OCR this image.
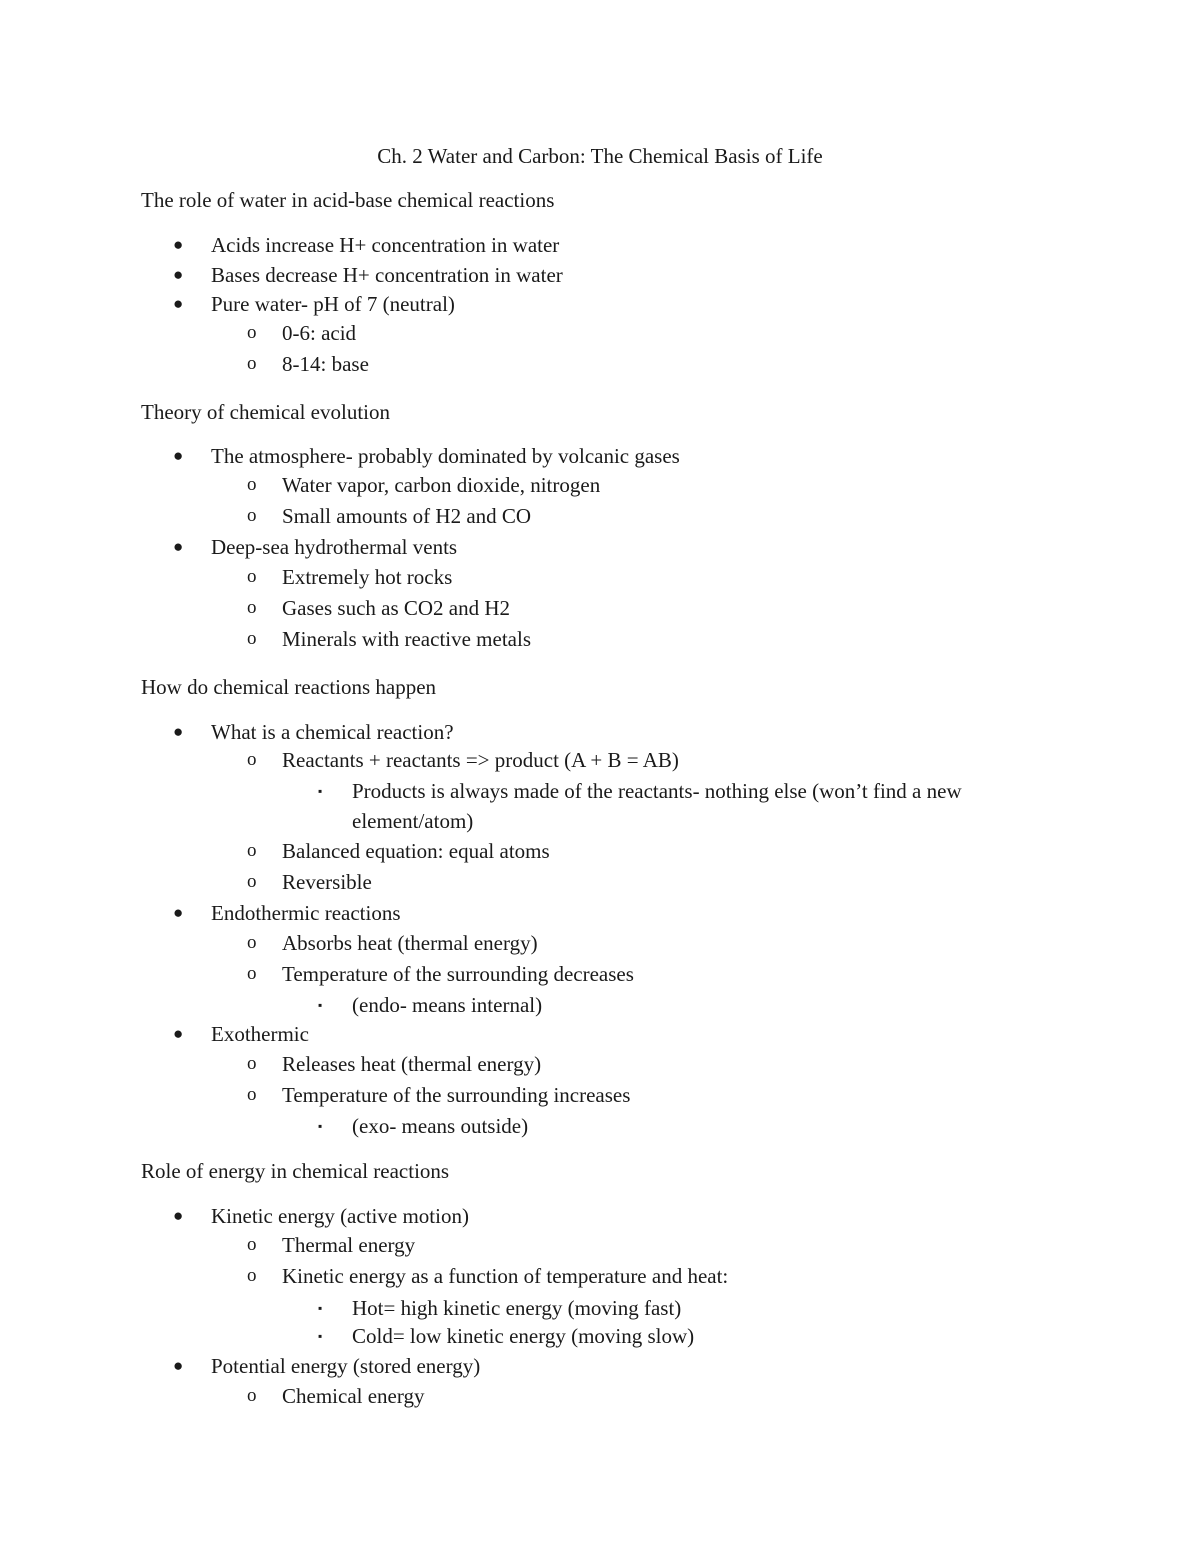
Ch. 2 Water and Carbon: The Chemical Basis of Life
The role of water in acid-base chemical reactions
● Acids increase H+ concentration in water
● Bases decrease H+ concentration in water
● Pure water- pH of 7 (neutral)
o 0-6: acid
o 8-14: base
Theory of chemical evolution
● The atmosphere- probably dominated by volcanic gases
o Water vapor, carbon dioxide, nitrogen
o Small amounts of H2 and CO
● Deep-sea hydrothermal vents
o Extremely hot rocks
o Gases such as CO2 and H2
o Minerals with reactive metals
How do chemical reactions happen
● What is a chemical reaction?
o Reactants + reactants => product (A + B = AB)
▪ Products is always made of the reactants- nothing else (won’t find a new
element/atom)
o Balanced equation: equal atoms
o Reversible
● Endothermic reactions
o Absorbs heat (thermal energy)
o Temperature of the surrounding decreases
▪ (endo- means internal)
● Exothermic
o Releases heat (thermal energy)
o Temperature of the surrounding increases
▪ (exo- means outside)
Role of energy in chemical reactions
● Kinetic energy (active motion)
o Thermal energy
o Kinetic energy as a function of temperature and heat:
▪ Hot= high kinetic energy (moving fast)
▪ Cold= low kinetic energy (moving slow)
● Potential energy (stored energy)
o Chemical energy
